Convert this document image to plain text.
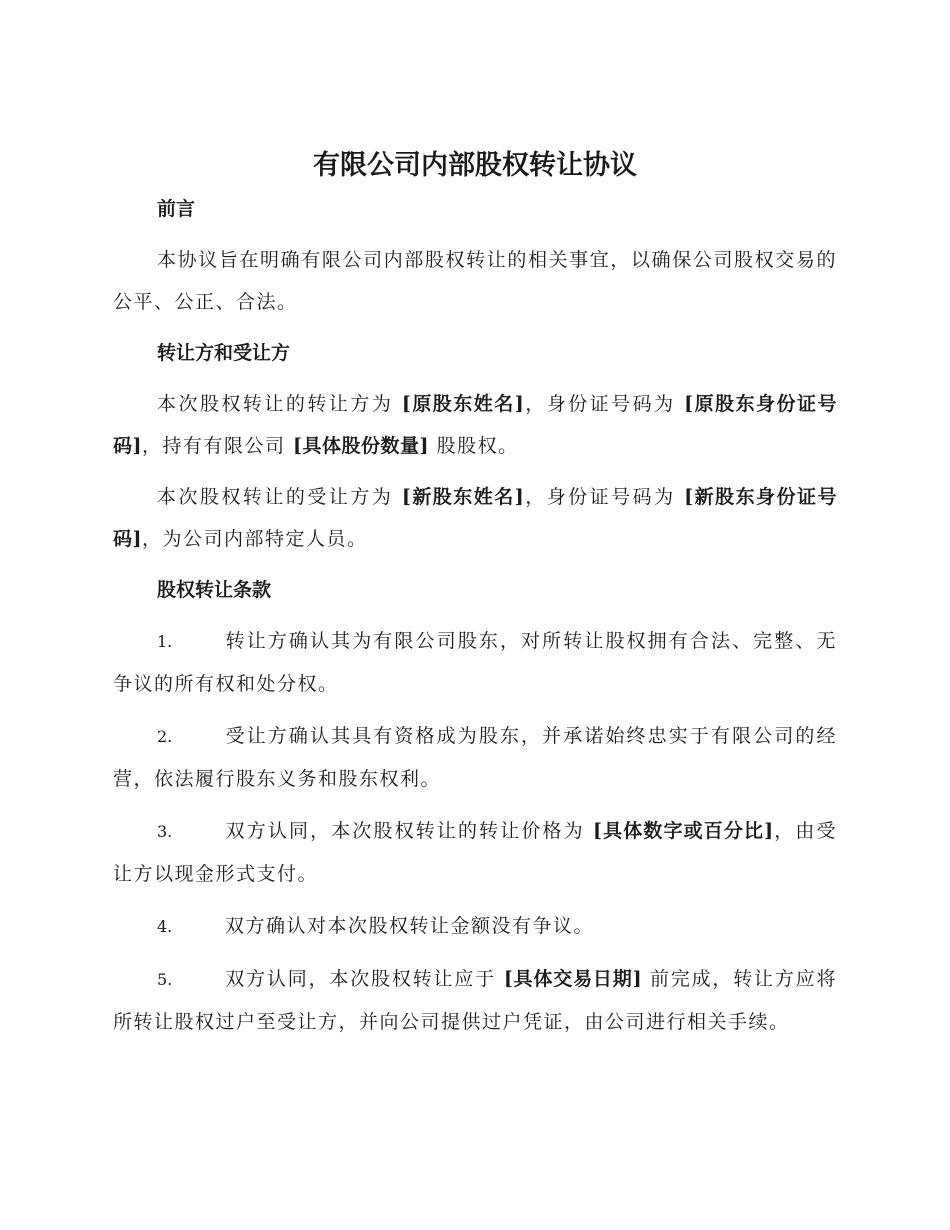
有限公司内部股权转让协议
前言

本协议旨在明确有限公司内部股权转让的相关事宜，以确保公司股权交易的公平、公正、合法。

转让方和受让方

本次股权转让的转让方为 [原股东姓名]，身份证号码为 [原股东身份证号码]，持有有限公司 [具体股份数量] 股股权。

本次股权转让的受让方为 [新股东姓名]，身份证号码为 [新股东身份证号码]，为公司内部特定人员。

股权转让条款

1.	转让方确认其为有限公司股东，对所转让股权拥有合法、完整、无争议的所有权和处分权。

2.	受让方确认其具有资格成为股东，并承诺始终忠实于有限公司的经营，依法履行股东义务和股东权利。

3.	双方认同，本次股权转让的转让价格为 [具体数字或百分比]，由受让方以现金形式支付。

4.	双方确认对本次股权转让金额没有争议。

5.	双方认同，本次股权转让应于 [具体交易日期] 前完成，转让方应将所转让股权过户至受让方，并向公司提供过户凭证，由公司进行相关手续。
